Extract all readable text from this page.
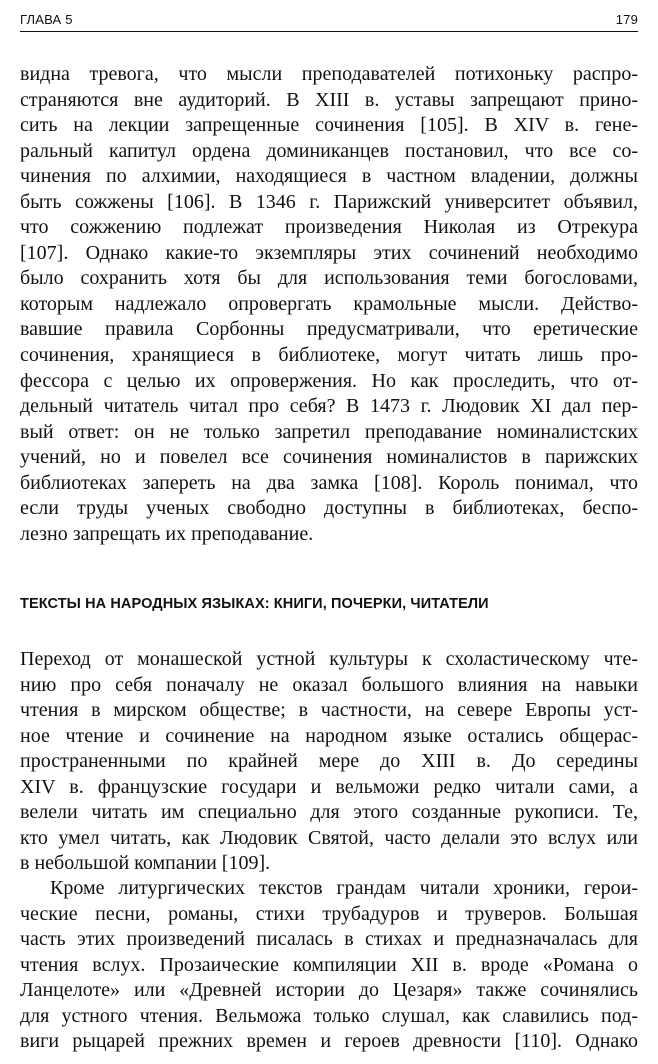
ГЛАВА 5	179

видна тревога, что мысли преподавателей потихоньку распро-
страняются вне аудиторий. В XIII в. уставы запрещают прино-
сить на лекции запрещенные сочинения [105]. В XIV в. гене-
ральный капитул ордена доминиканцев постановил, что все со-
чинения по алхимии, находящиеся в частном владении, должны
быть сожжены [106]. В 1346 г. Парижский университет объявил,
что сожжению подлежат произведения Николая из Отрекура
[107]. Однако какие-то экземпляры этих сочинений необходимо
было сохранить хотя бы для использования теми богословами,
которым надлежало опровергать крамольные мысли. Действо-
вавшие правила Сорбонны предусматривали, что еретические
сочинения, хранящиеся в библиотеке, могут читать лишь про-
фессора с целью их опровержения. Но как проследить, что от-
дельный читатель читал про себя? В 1473 г. Людовик XI дал пер-
вый ответ: он не только запретил преподавание номиналистских
учений, но и повелел все сочинения номиналистов в парижских
библиотеках запереть на два замка [108]. Король понимал, что
если труды ученых свободно доступны в библиотеках, беспо-
лезно запрещать их преподавание.

ТЕКСТЫ НА НАРОДНЫХ ЯЗЫКАХ: КНИГИ, ПОЧЕРКИ, ЧИТАТЕЛИ

Переход от монашеской устной культуры к схоластическому чте-
нию про себя поначалу не оказал большого влияния на навыки
чтения в мирском обществе; в частности, на севере Европы уст-
ное чтение и сочинение на народном языке остались общерас-
пространенными по крайней мере до XIII в. До середины
XIV в. французские государи и вельможи редко читали сами, а
велели читать им специально для этого созданные рукописи. Те,
кто умел читать, как Людовик Святой, часто делали это вслух или
в небольшой компании [109].

Кроме литургических текстов грандам читали хроники, герои-
ческие песни, романы, стихи трубадуров и труверов. Большая
часть этих произведений писалась в стихах и предназначалась для
чтения вслух. Прозаические компиляции XII в. вроде «Романа о
Ланцелоте» или «Древней истории до Цезаря» также сочинялись
для устного чтения. Вельможа только слушал, как славились под-
виги рыцарей прежних времен и героев древности [110]. Однако
